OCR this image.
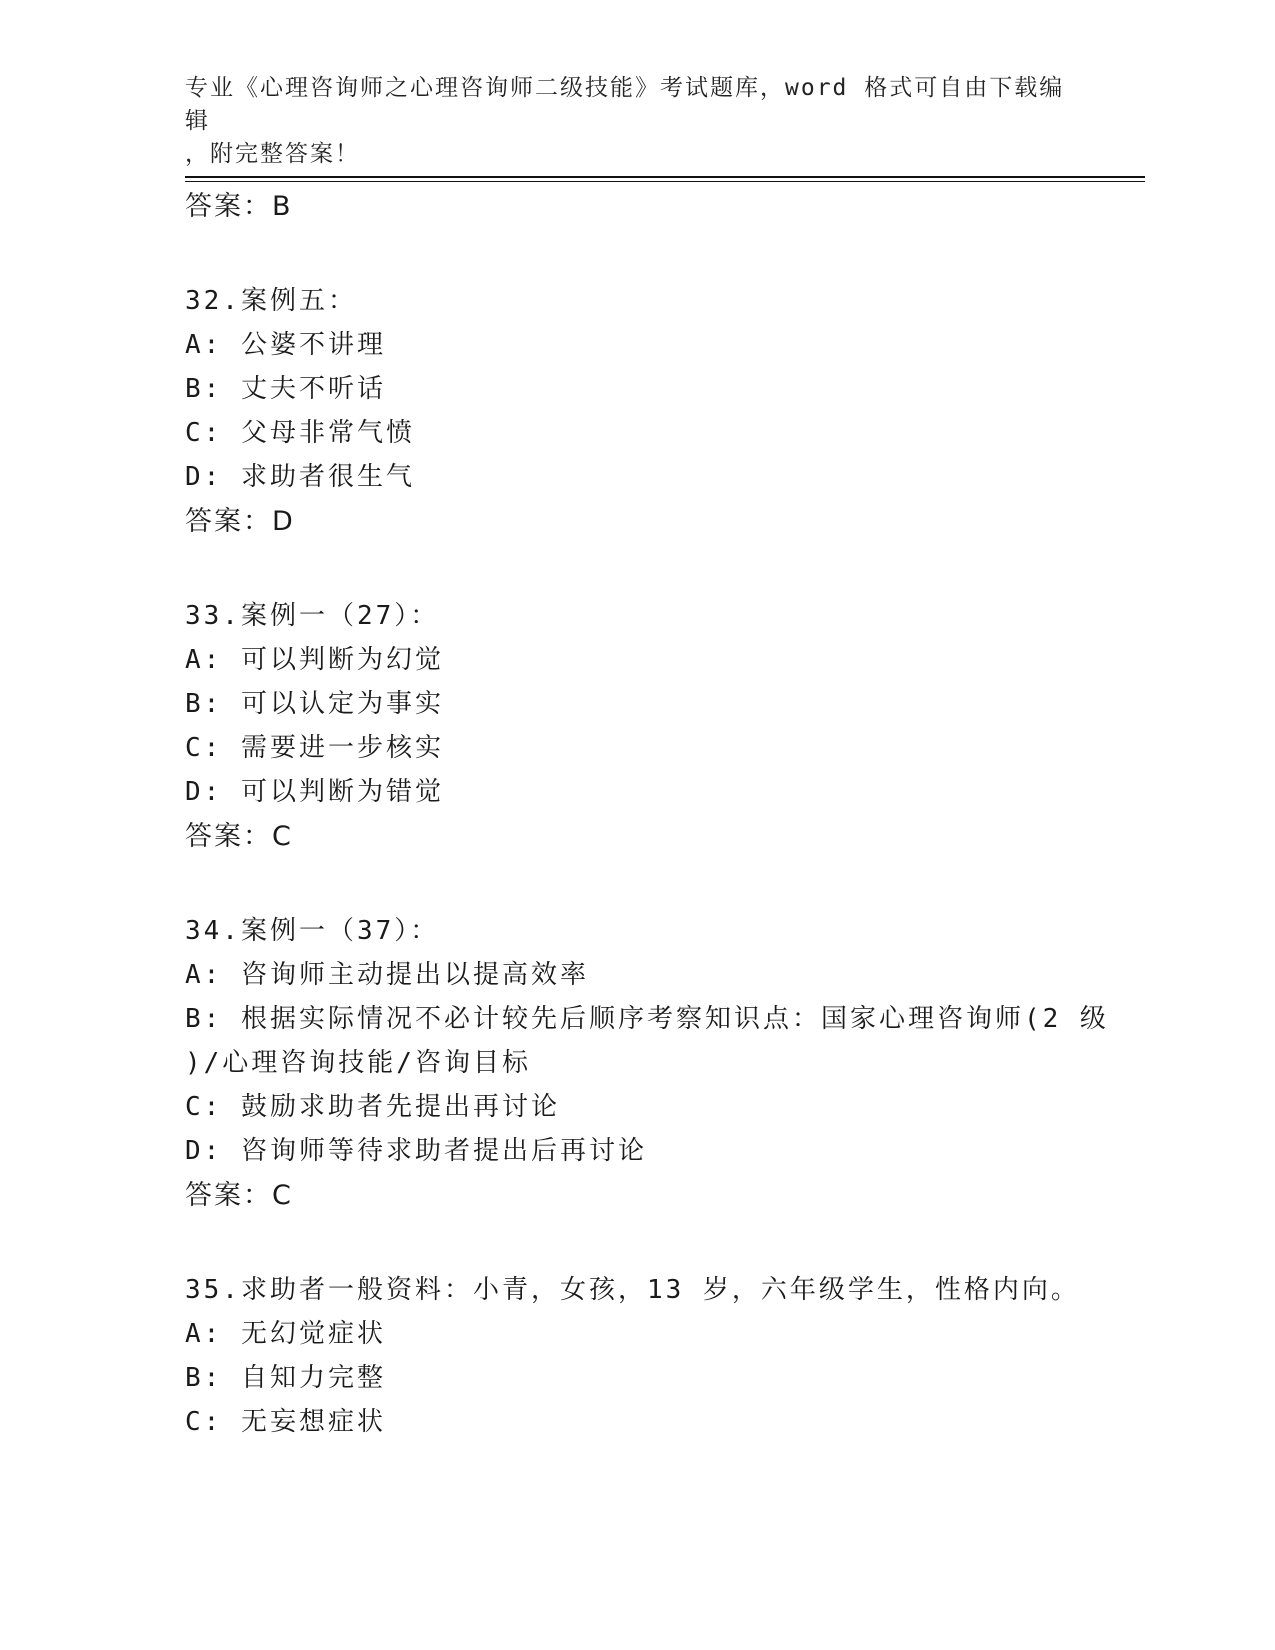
专业《心理咨询师之心理咨询师二级技能》考试题库，word 格式可自由下载编辑
，附完整答案！
答案：B
32.案例五：
A: 公婆不讲理
B: 丈夫不听话
C: 父母非常气愤
D: 求助者很生气
答案：D
33.案例一（27）：
A: 可以判断为幻觉
B: 可以认定为事实
C: 需要进一步核实
D: 可以判断为错觉
答案：C
34.案例一（37）：
A: 咨询师主动提出以提高效率
B: 根据实际情况不必计较先后顺序考察知识点：国家心理咨询师(2 级
)/心理咨询技能/咨询目标
C: 鼓励求助者先提出再讨论
D: 咨询师等待求助者提出后再讨论
答案：C
35.求助者一般资料：小青，女孩，13 岁，六年级学生，性格内向。
A: 无幻觉症状
B: 自知力完整
C: 无妄想症状
